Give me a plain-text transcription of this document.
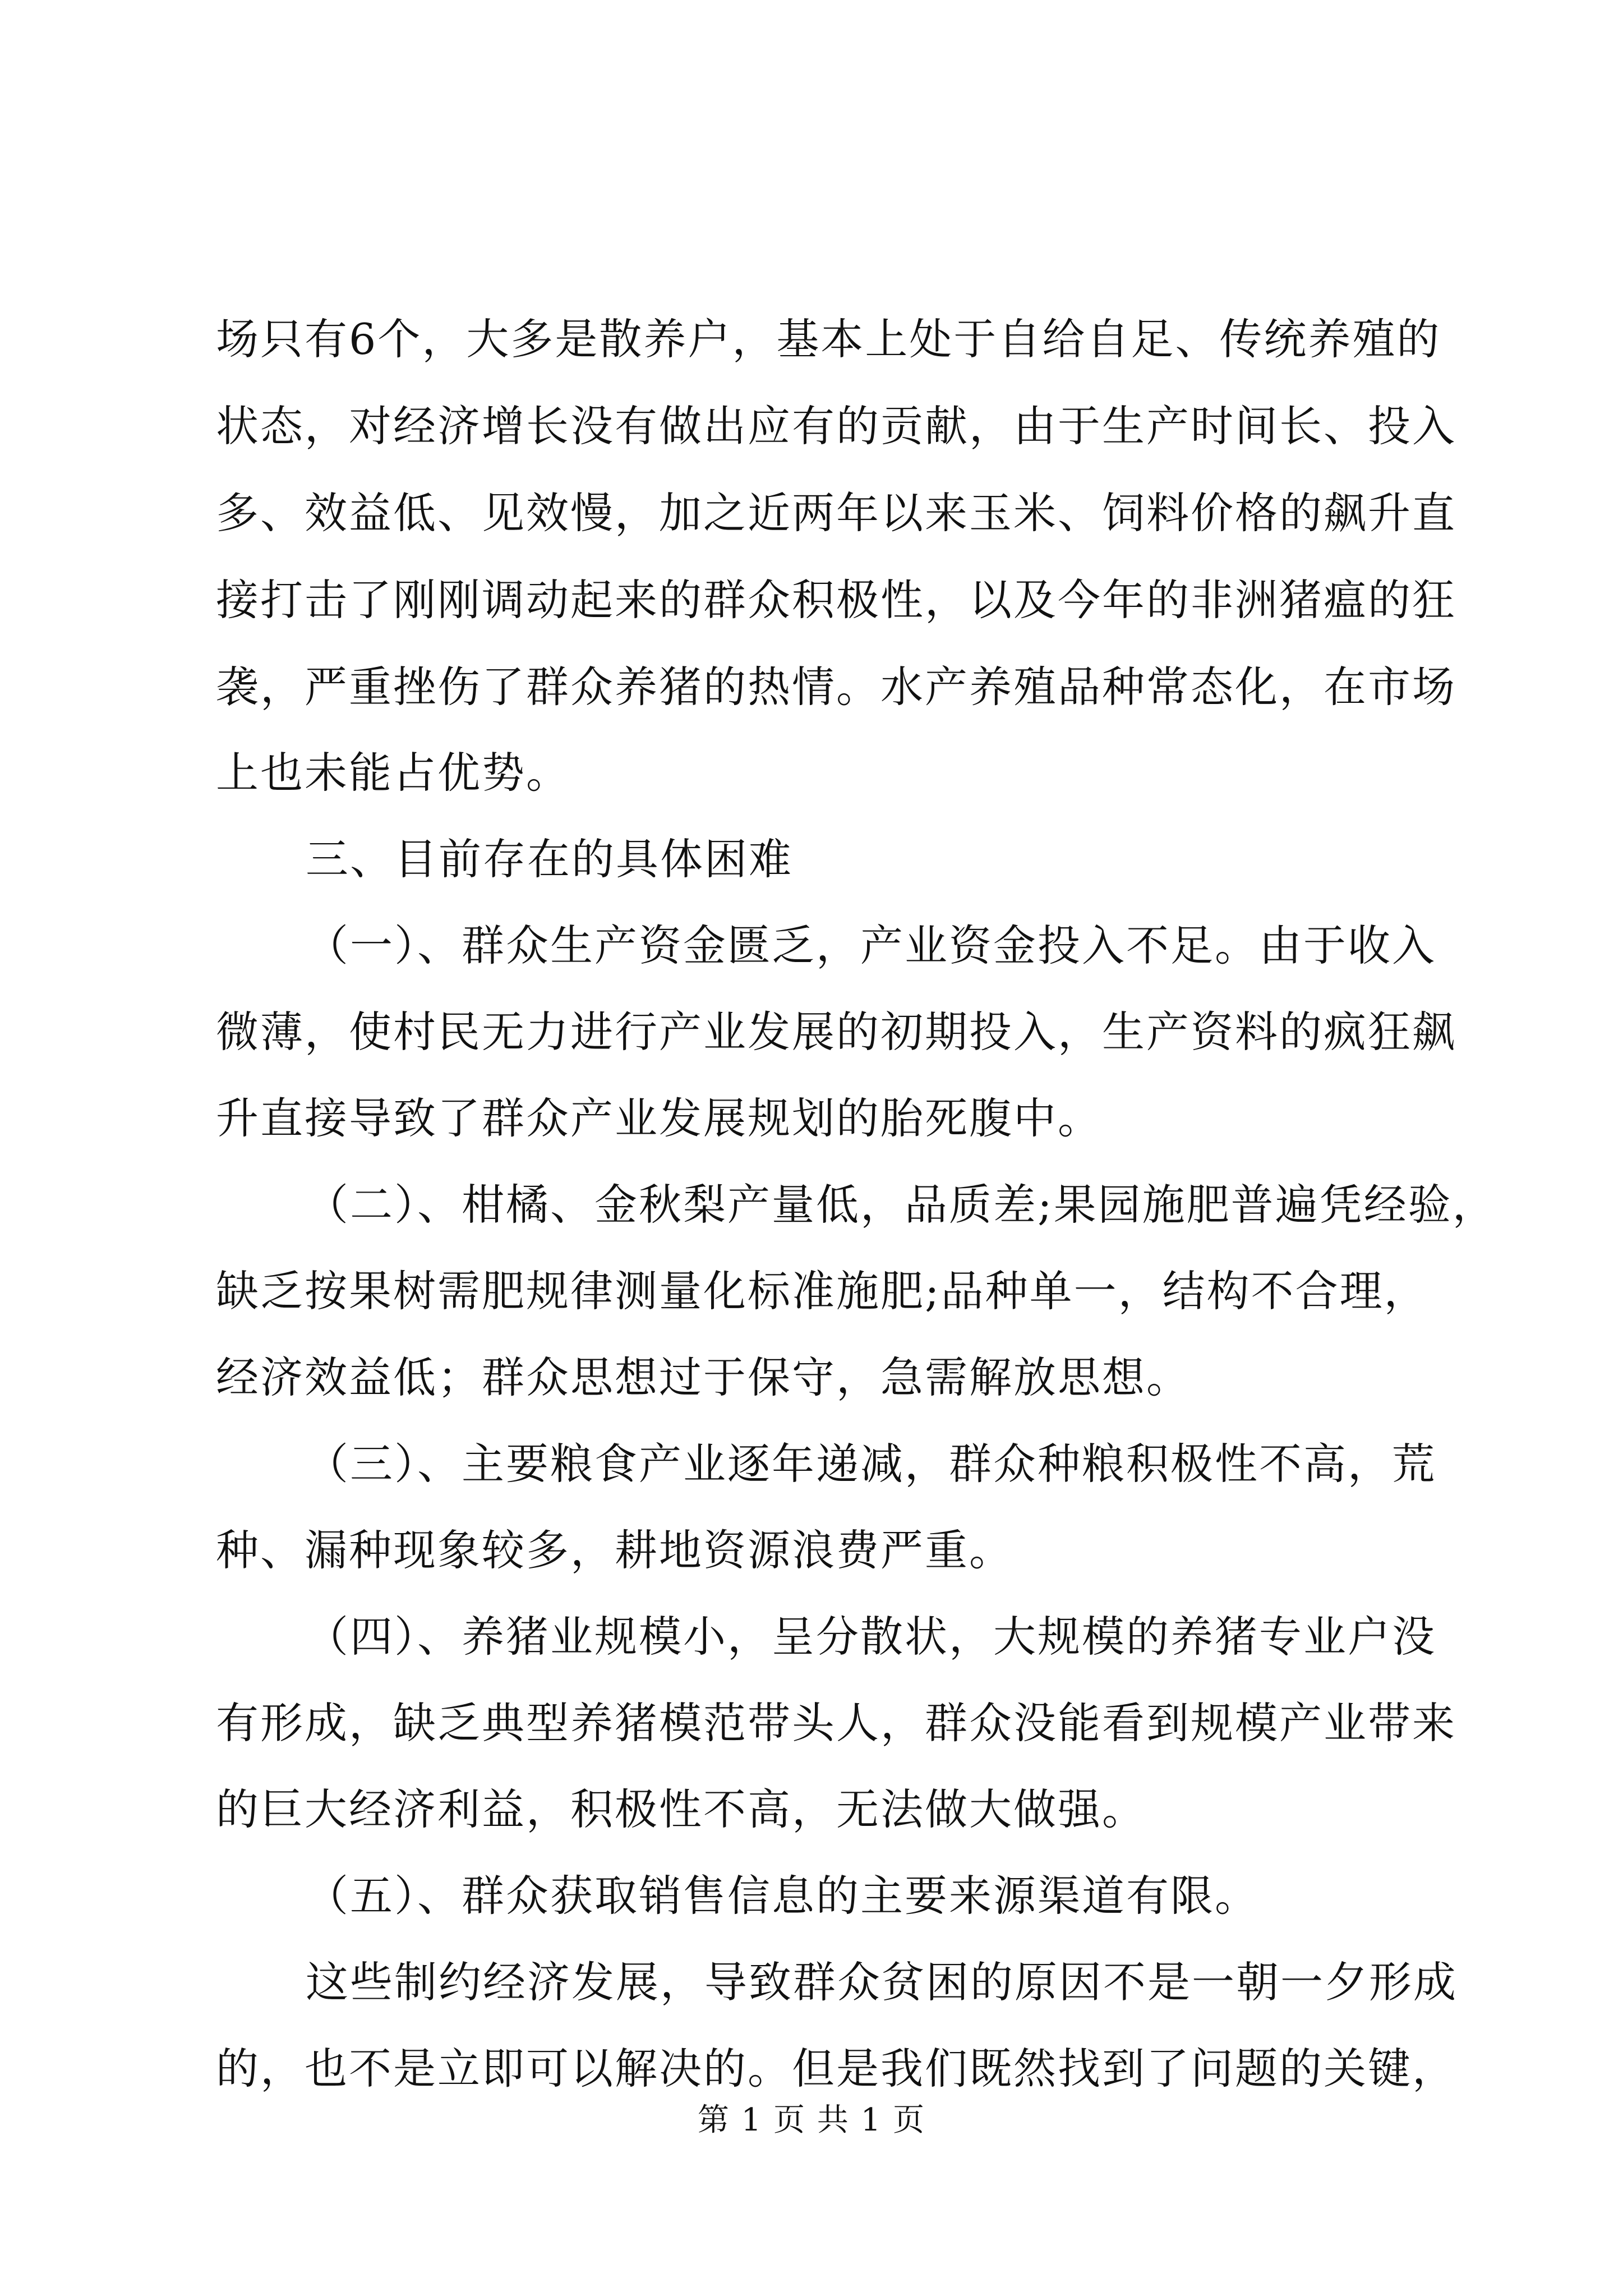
场只有6个，大多是散养户，基本上处于自给自足、传统养殖的
状态，对经济增长没有做出应有的贡献，由于生产时间长、投入
多、效益低、见效慢，加之近两年以来玉米、饲料价格的飙升直
接打击了刚刚调动起来的群众积极性，以及今年的非洲猪瘟的狂
袭，严重挫伤了群众养猪的热情。水产养殖品种常态化，在市场
上也未能占优势。
三、目前存在的具体困难
（一）、群众生产资金匮乏，产业资金投入不足。由于收入
微薄，使村民无力进行产业发展的初期投入，生产资料的疯狂飙
升直接导致了群众产业发展规划的胎死腹中。
（二）、柑橘、金秋梨产量低，品质差;果园施肥普遍凭经验，
缺乏按果树需肥规律测量化标准施肥;品种单一，结构不合理，
经济效益低；群众思想过于保守，急需解放思想。
（三）、主要粮食产业逐年递减，群众种粮积极性不高，荒
种、漏种现象较多，耕地资源浪费严重。
（四）、养猪业规模小，呈分散状，大规模的养猪专业户没
有形成，缺乏典型养猪模范带头人，群众没能看到规模产业带来
的巨大经济利益，积极性不高，无法做大做强。
（五）、群众获取销售信息的主要来源渠道有限。
这些制约经济发展，导致群众贫困的原因不是一朝一夕形成
的，也不是立即可以解决的。但是我们既然找到了问题的关键，
第 1 页 共 1 页
